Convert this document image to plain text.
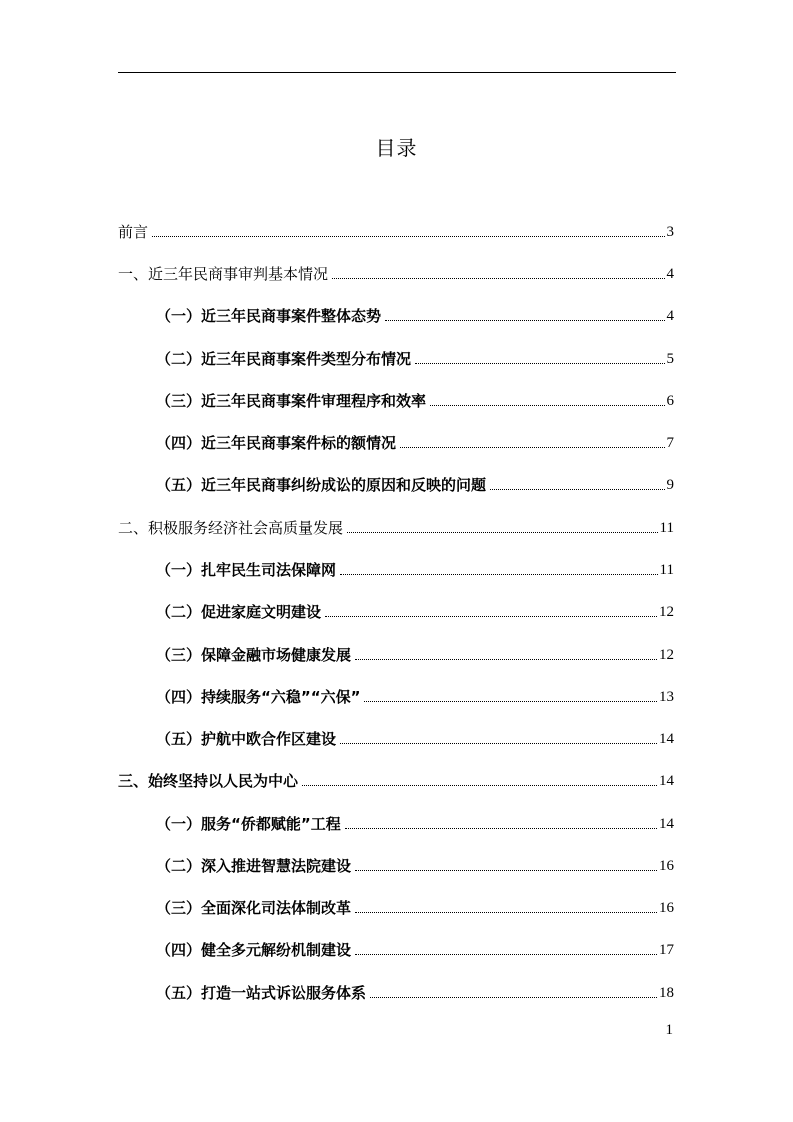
目录
前言	3
一、近三年民商事审判基本情况	4
（一）近三年民商事案件整体态势	4
（二）近三年民商事案件类型分布情况	5
（三）近三年民商事案件审理程序和效率	6
（四）近三年民商事案件标的额情况	7
（五）近三年民商事纠纷成讼的原因和反映的问题	9
二、积极服务经济社会高质量发展	11
（一）扎牢民生司法保障网	11
（二）促进家庭文明建设	12
（三）保障金融市场健康发展	12
（四）持续服务“六稳”“六保”	13
（五）护航中欧合作区建设	14
三、始终坚持以人民为中心	14
（一）服务“侨都赋能”工程	14
（二）深入推进智慧法院建设	16
（三）全面深化司法体制改革	16
（四）健全多元解纷机制建设	17
（五）打造一站式诉讼服务体系	18
1
